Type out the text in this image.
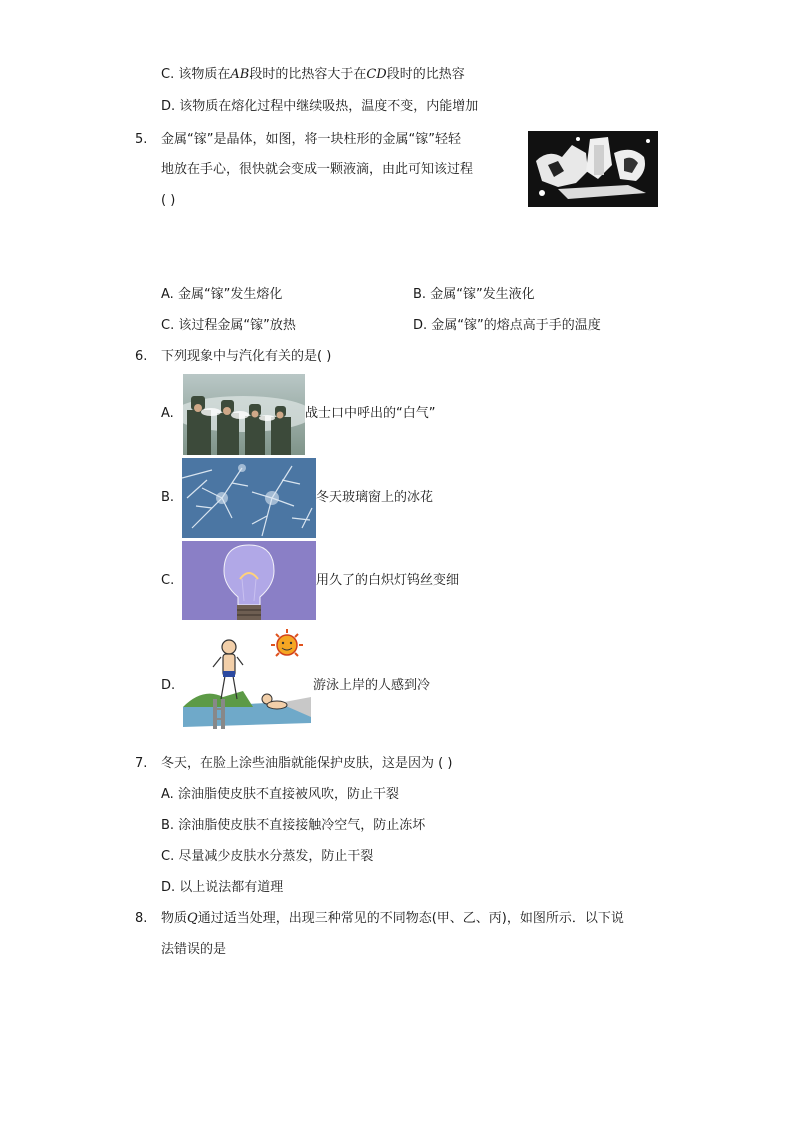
C. 该物质在AB段时的比热容大于在CD段时的比热容
D. 该物质在熔化过程中继续吸热，温度不变，内能增加
5. 金属“镓”是晶体，如图，将一块柱形的金属“镓”轻轻
地放在手心，很快就会变成一颗液滴，由此可知该过程
( )
A. 金属“镓”发生熔化	B. 金属“镓”发生液化
C. 该过程金属“镓”放热	D. 金属“镓”的熔点高于手的温度
6. 下列现象中与汽化有关的是( )
A.	战士口中呼出的“白气”
B.	冬天玻璃窗上的冰花
C.	用久了的白炽灯钨丝变细
D.	游泳上岸的人感到冷
7. 冬天，在脸上涂些油脂就能保护皮肤，这是因为 ( )
A. 涂油脂使皮肤不直接被风吹，防止干裂
B. 涂油脂使皮肤不直接接触冷空气，防止冻坏
C. 尽量减少皮肤水分蒸发，防止干裂
D. 以上说法都有道理
8. 物质Q通过适当处理，出现三种常见的不同物态(甲、乙、丙)，如图所示．以下说
法错误的是
